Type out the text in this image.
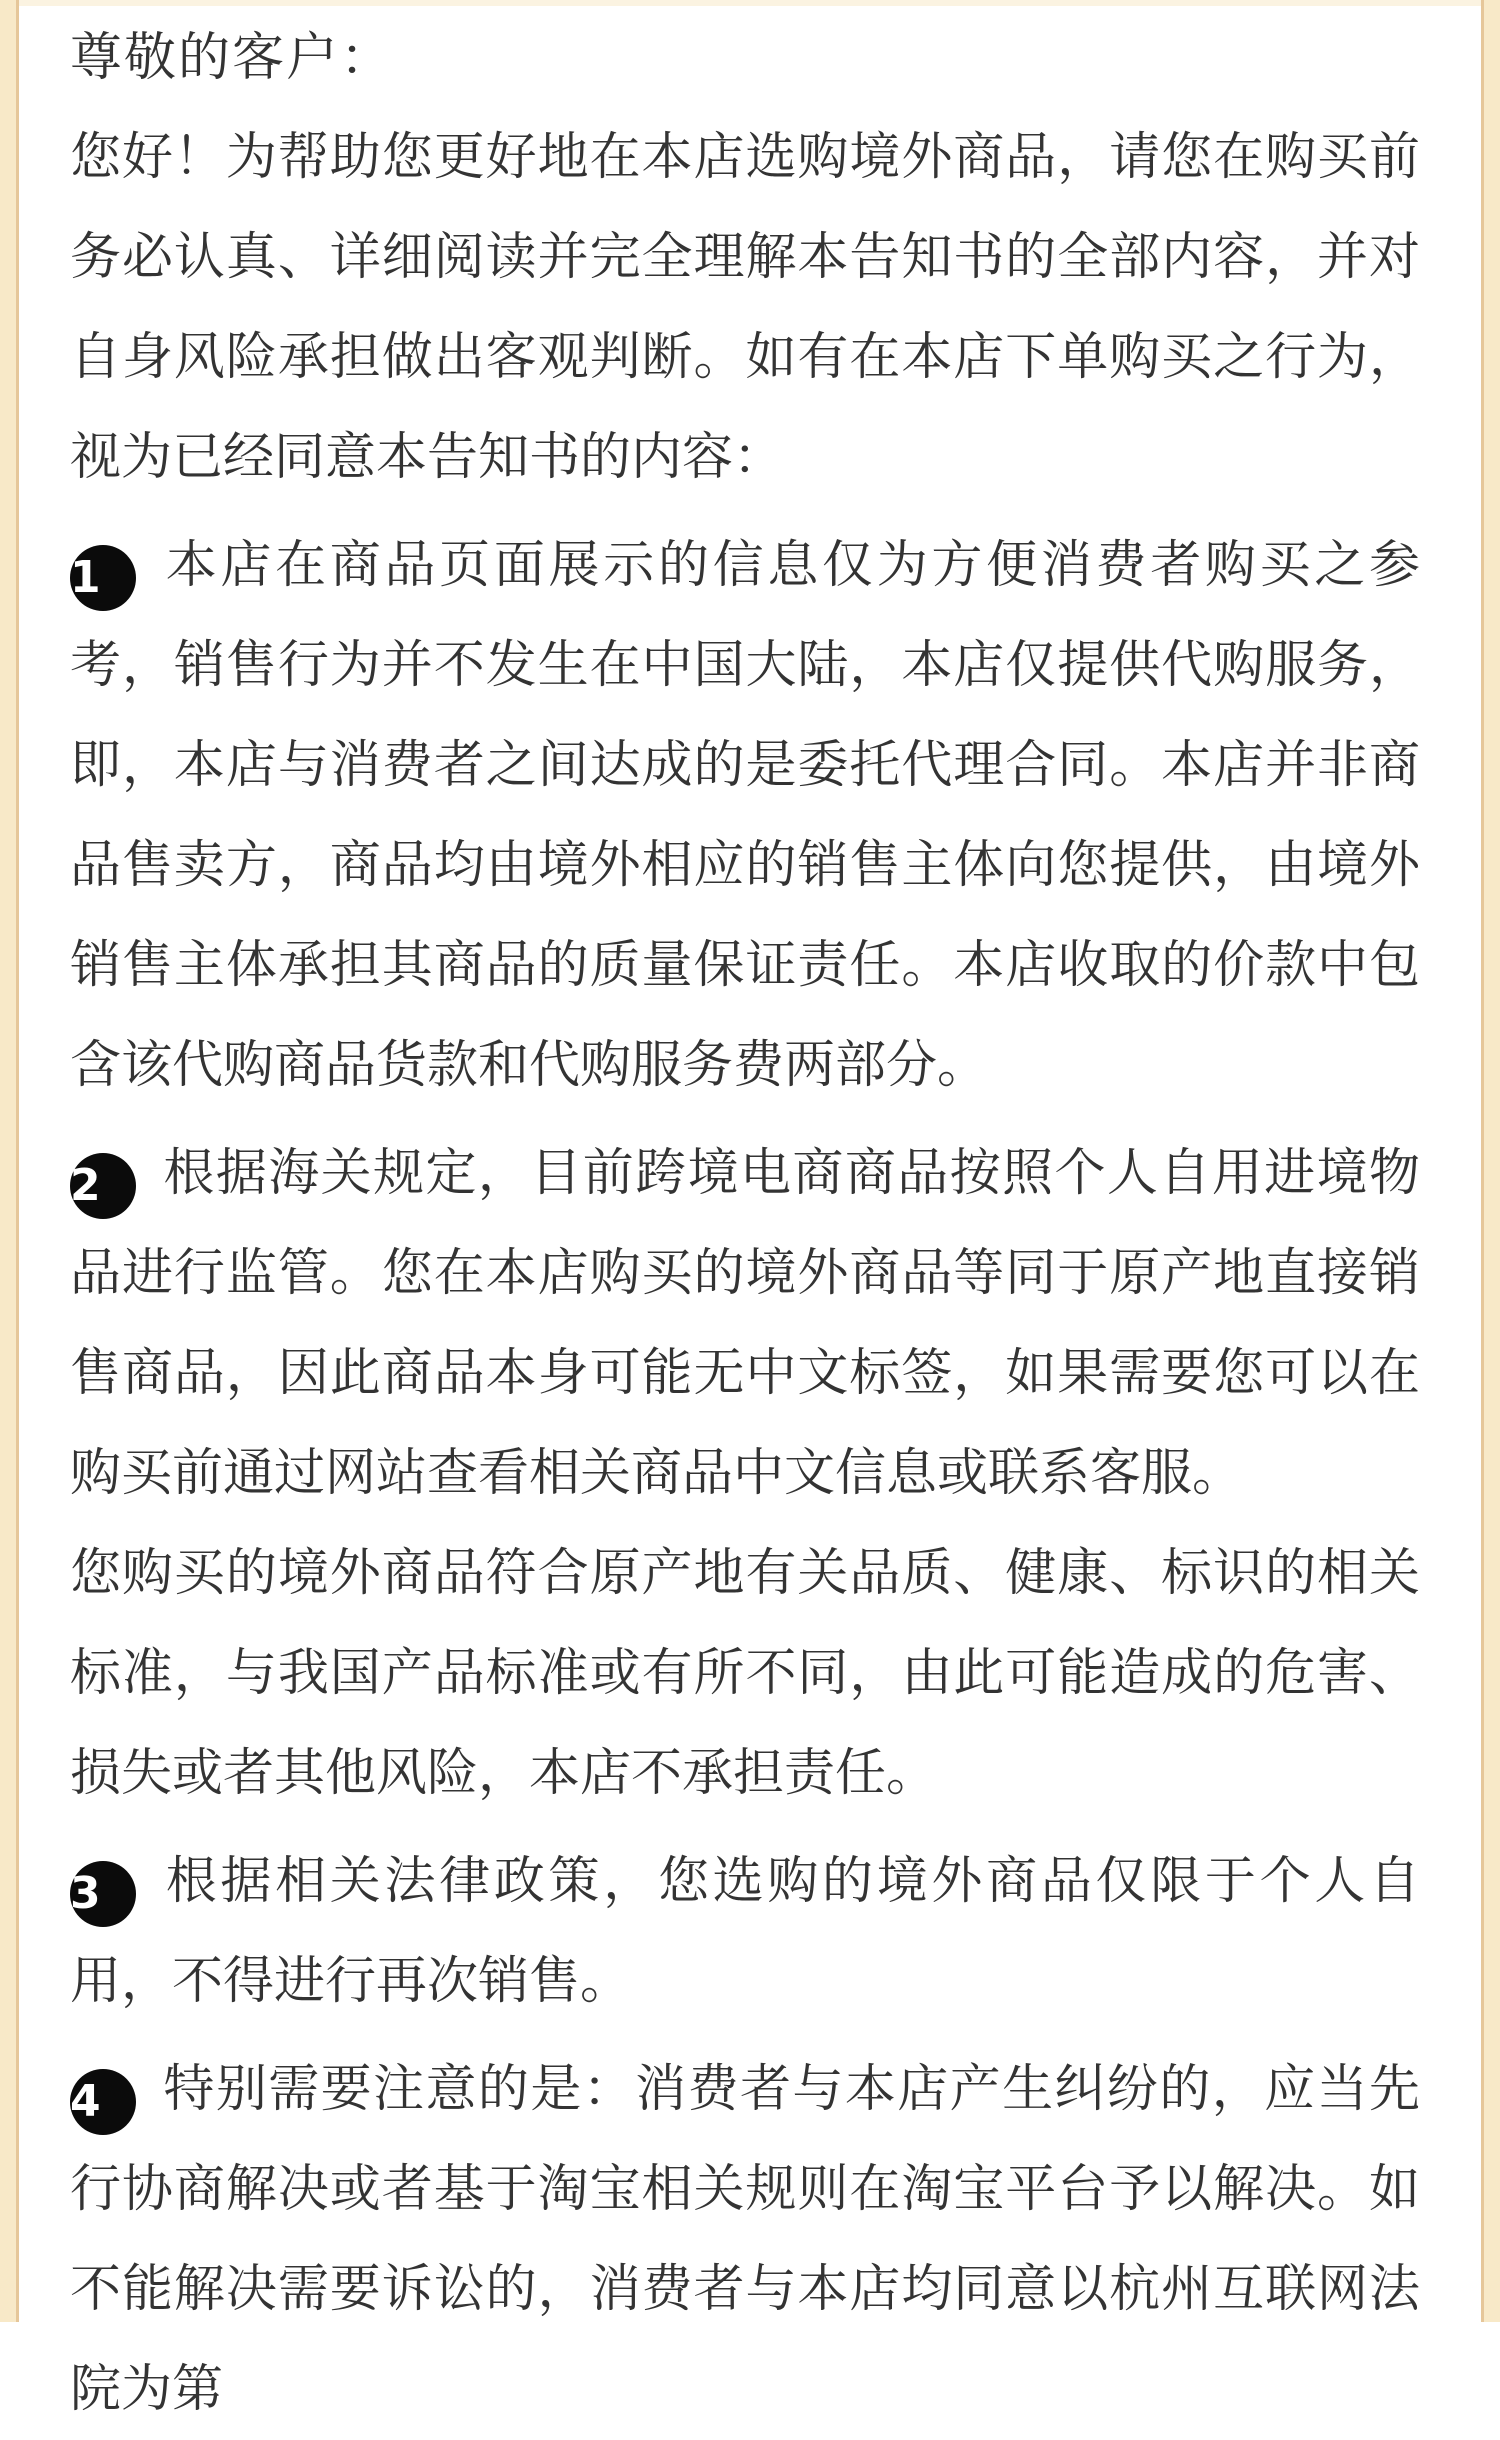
尊敬的客户：

您好！为帮助您更好地在本店选购境外商品，请您在购买前务必认真、详细阅读并完全理解本告知书的全部内容，并对自身风险承担做出客观判断。如有在本店下单购买之行为，视为已经同意本告知书的内容：

1 本店在商品页面展示的信息仅为方便消费者购买之参考，销售行为并不发生在中国大陆，本店仅提供代购服务，即，本店与消费者之间达成的是委托代理合同。本店并非商品售卖方，商品均由境外相应的销售主体向您提供，由境外销售主体承担其商品的质量保证责任。本店收取的价款中包含该代购商品货款和代购服务费两部分。

2 根据海关规定，目前跨境电商商品按照个人自用进境物品进行监管。您在本店购买的境外商品等同于原产地直接销售商品，因此商品本身可能无中文标签，如果需要您可以在购买前通过网站查看相关商品中文信息或联系客服。

您购买的境外商品符合原产地有关品质、健康、标识的相关标准，与我国产品标准或有所不同，由此可能造成的危害、损失或者其他风险，本店不承担责任。

3 根据相关法律政策，您选购的境外商品仅限于个人自用，不得进行再次销售。

4 特别需要注意的是：消费者与本店产生纠纷的，应当先行协商解决或者基于淘宝相关规则在淘宝平台予以解决。如不能解决需要诉讼的，消费者与本店均同意以杭州互联网法院为第
